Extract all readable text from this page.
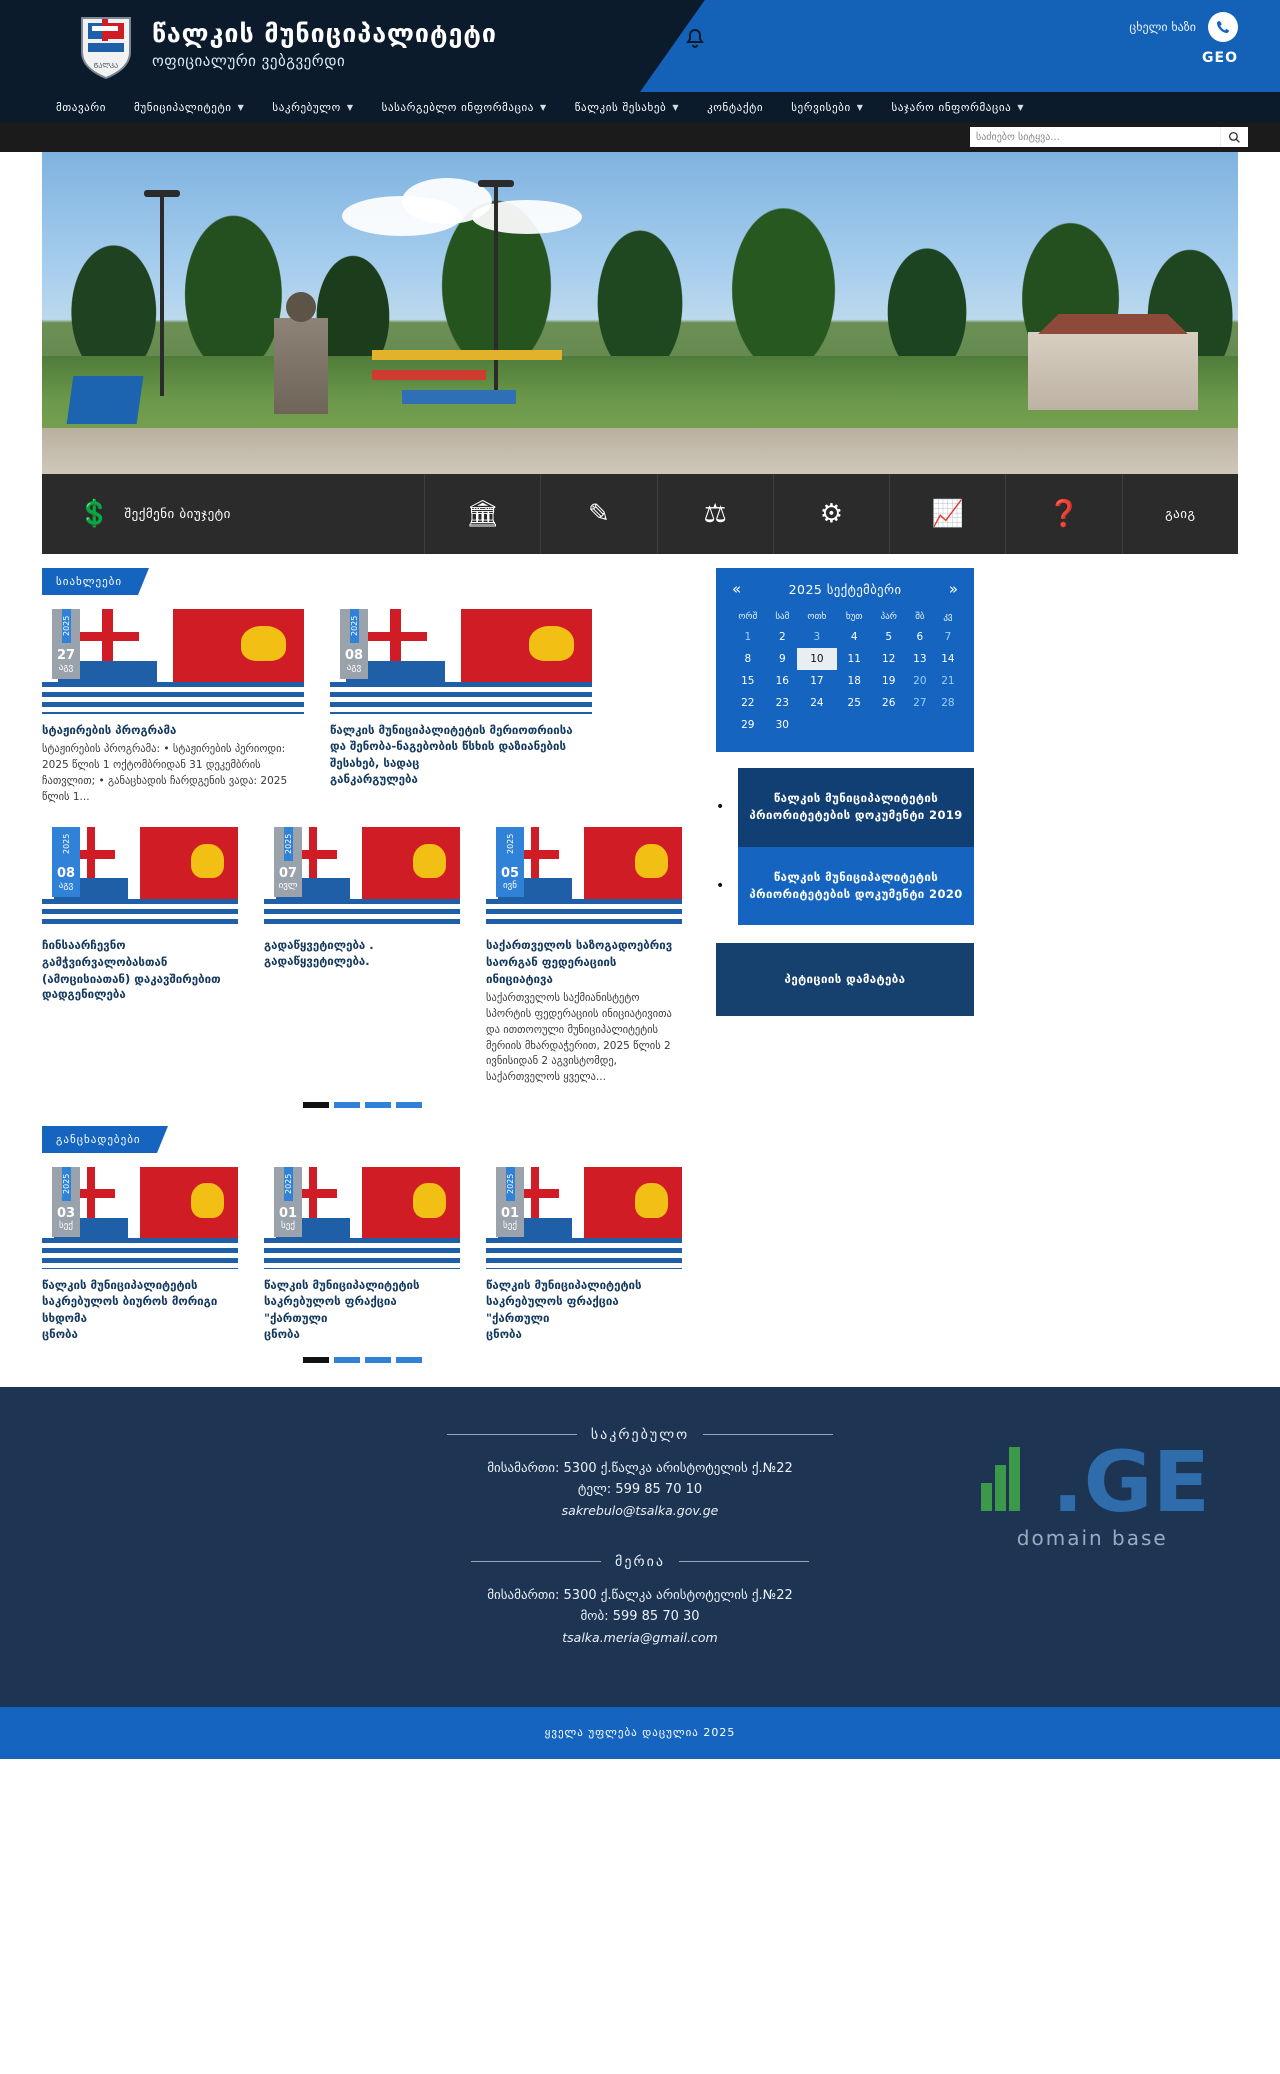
ᲬᲐᲚᲙᲐ
წალკის მუნიციპალიტეტი
ოფიციალური ვებგვერდი
ცხელი ხაზი
GEO
მთავარი	მუნიციპალიტეტი ▼	საკრებულო ▼	სასარგებლო ინფორმაცია ▼	წალკის შესახებ ▼	კონტაქტი	სერვისები ▼	საჯარო ინფორმაცია ▼
საძიებო სიტყვა...
💲 შექმენი ბიუჯეტი	🏛	✎	⚖	⚙	📈	❓	გაიგ
სიახლეები
2025
27
აგვ
სტაჟირების პროგრამა
სტაჟირების პროგრამა: • სტაჟირების პერიოდი: 2025 წლის 1 ოქტომბრიდან 31 დეკემბრის ჩათვლით; • განაცხადის ჩარდგენის ვადა: 2025 წლის 1...
2025
08
აგვ
წალკის მუნიციპალიტეტის მერიოთრიისა და შენობა-ნაგებობის წსხის დაზიანების შესახებ, სადაც
განკარგულება
2025
08
აგვ
ჩინსაარჩევნო გამჭვირვალობასთან (ამოცისიათან) დაკავშირებით
დადგენილება
2025
07
ივლ
გადაწყვეტილება .
გადაწყვეტილება.
2025
05
ივნ
საქართველოს საზოგადოებრივ საორგან ფედერაციის ინიციატივა
საქართველოს საქმიანისტეტო სპორტის ფედერაციის ინიციატივითა და ითთოოული მუნიციპალიტეტის მერიის მხარდაჭერით, 2025 წლის 2 ივნისიდან 2 აგვისტომდე, საქართველოს ყველა...
განცხადებები
2025
03
სექ
წალკის მუნიციპალიტეტის საკრებულოს ბიუროს მორიგი სხდომა
ცნობა
2025
01
სექ
წალკის მუნიციპალიტეტის საკრებულოს ფრაქცია "ქართული
ცნობა
2025
01
სექ
წალკის მუნიციპალიტეტის საკრებულოს ფრაქცია "ქართული
ცნობა
«	2025 სექტემბერი	»
ორშ	სამ	ოთხ	ხუთ	პარ	შბ	კვ
1	2	3	4	5	6	7
8	9	10	11	12	13	14
15	16	17	18	19	20	21
22	23	24	25	26	27	28
29	30					
•
წალკის მუნიციპალიტეტის პრიორიტეტების დოკუმენტი 2019
•
წალკის მუნიციპალიტეტის პრიორიტეტების დოკუმენტი 2020
პეტიციის დამატება
საკრებულო
მისამართი: 5300 ქ.წალკა არისტოტელის ქ.№22
ტელ: 599 85 70 10
sakrebulo@tsalka.gov.ge
მერია
მისამართი: 5300 ქ.წალკა არისტოტელის ქ.№22
მობ: 599 85 70 30
tsalka.meria@gmail.com
.GE
domain base
ყველა უფლება დაცულია 2025
